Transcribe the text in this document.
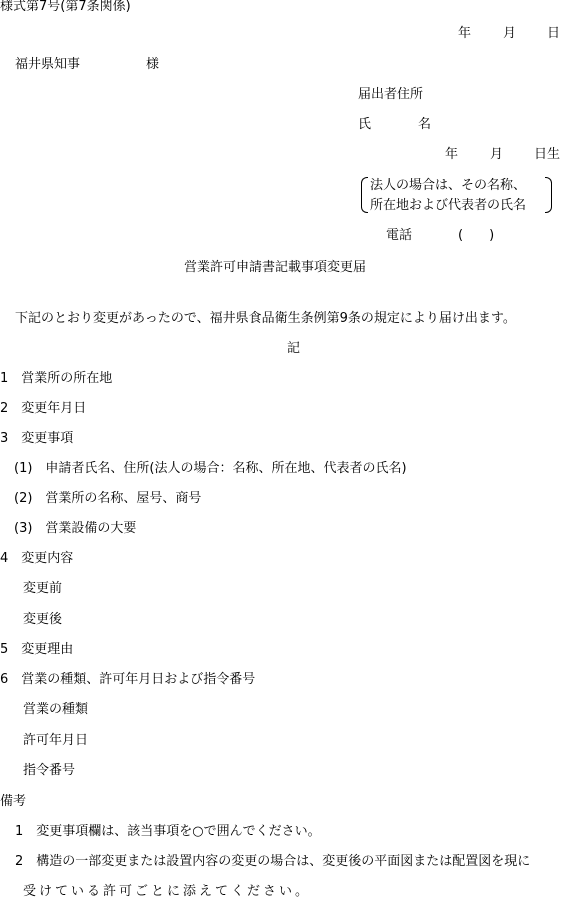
様式第7号(第7条関係)
年 月 日
福井県知事	様
届出者住所
氏	名
年 月 日生
法人の場合は、その名称、
所在地および代表者の氏名
電話	(　　)
営業許可申請書記載事項変更届
下記のとおり変更があったので、福井県食品衛生条例第9条の規定により届け出ます。
記
1　営業所の所在地
2　変更年月日
3　変更事項
(1)　申請者氏名、住所(法人の場合：名称、所在地、代表者の氏名)
(2)　営業所の名称、屋号、商号
(3)　営業設備の大要
4　変更内容
変更前
変更後
5　変更理由
6　営業の種類、許可年月日および指令番号
営業の種類
許可年月日
指令番号
備考
1　変更事項欄は、該当事項を○で囲んでください。
2　構造の一部変更または設置内容の変更の場合は、変更後の平面図または配置図を現に
受けている許可ごとに添えてください。
